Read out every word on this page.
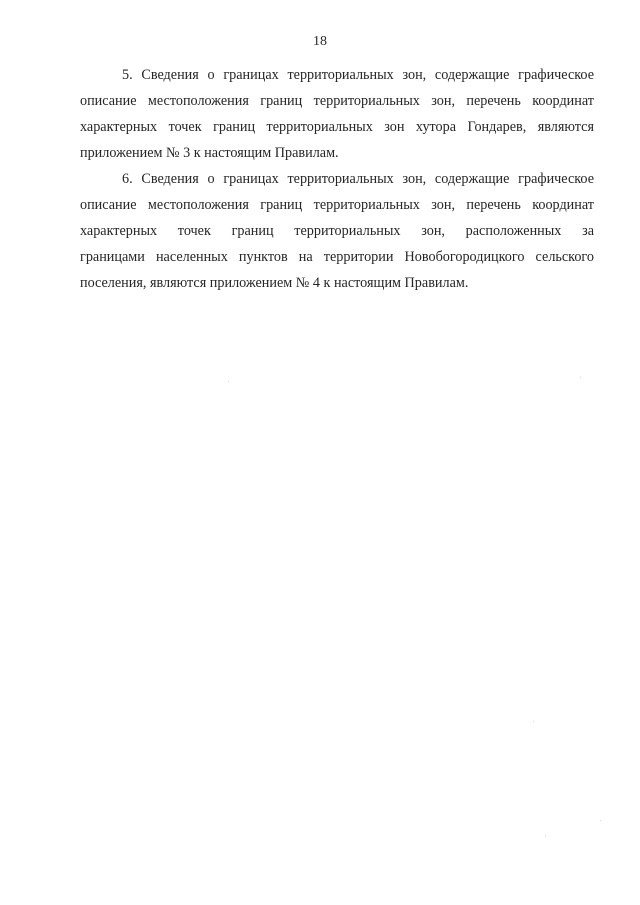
18
5. Сведения о границах территориальных зон, содержащие графическое
описание местоположения границ территориальных зон, перечень координат
характерных точек границ территориальных зон хутора Гондарев, являются
приложением № 3 к настоящим Правилам.
6. Сведения о границах территориальных зон, содержащие графическое
описание местоположения границ территориальных зон, перечень координат
характерных точек границ территориальных зон, расположенных за
границами населенных пунктов на территории Новобогородицкого сельского
поселения, являются приложением № 4 к настоящим Правилам.
